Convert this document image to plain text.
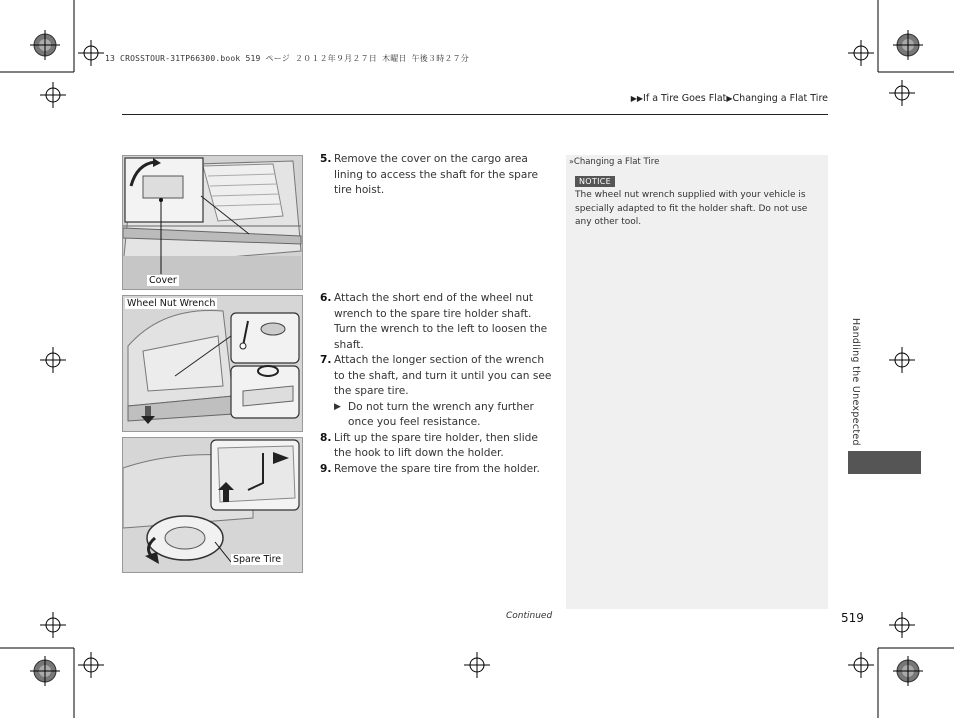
13 CROSSTOUR-31TP66300.book 519 ページ ２０１２年９月２７日 木曜日 午後３時２７分
▶▶If a Tire Goes Flat▶Changing a Flat Tire
Cover
Wheel Nut Wrench
Spare Tire
5. Remove the cover on the cargo area lining to access the shaft for the spare tire hoist.
6. Attach the short end of the wheel nut wrench to the spare tire holder shaft. Turn the wrench to the left to loosen the shaft.
7. Attach the longer section of the wrench to the shaft, and turn it until you can see the spare tire.
▶ Do not turn the wrench any further once you feel resistance.
8. Lift up the spare tire holder, then slide the hook to lift down the holder.
9. Remove the spare tire from the holder.
»Changing a Flat Tire
NOTICE
The wheel nut wrench supplied with your vehicle is specially adapted to fit the holder shaft. Do not use any other tool.
Handling the Unexpected
Continued	519
